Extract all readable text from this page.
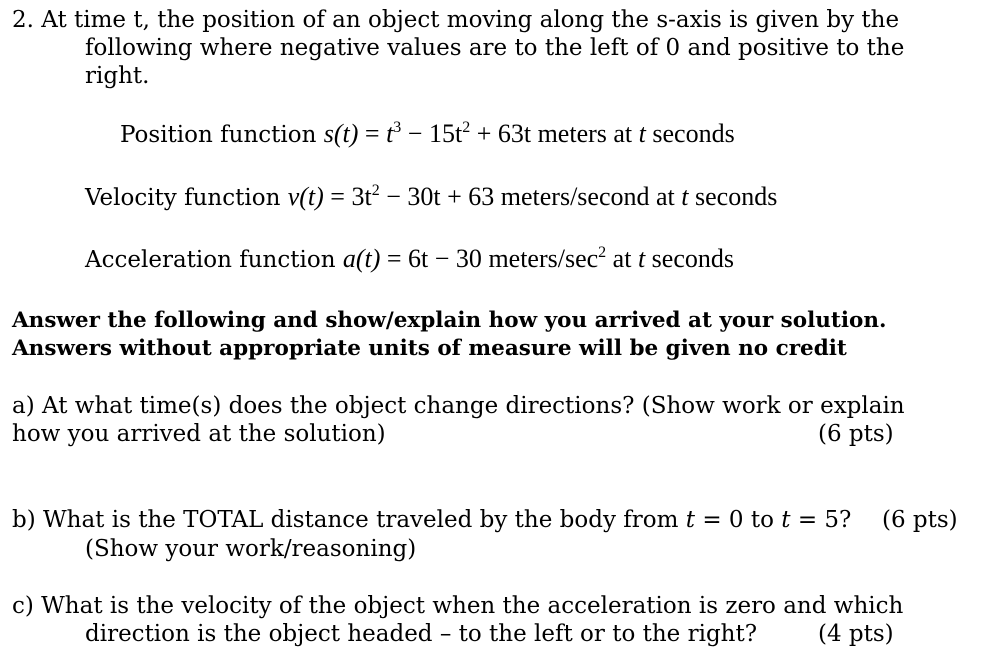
2. At time t, the position of an object moving along the s-axis is given by the
following where negative values are to the left of 0 and positive to the
right.
Position function $s(t) = t^3 - 15t^2 + 63t$ meters at t seconds
Velocity function $v(t) = 3t^2 - 30t + 63$ meters/second at t seconds
Acceleration function a(t) = 6t − 30 meters/$\sec^2$ at t seconds
Answer the following and show/explain how you arrived at your solution.
Answers without appropriate units of measure will be given no credit
a) At what time(s) does the object change directions? (Show work or explain
how you arrived at the solution)	(6 pts)
b) What is the TOTAL distance traveled by the body from t = 0 to t = 5? (6 pts)
(Show your work/reasoning)
c) What is the velocity of the object when the acceleration is zero and which
direction is the object headed – to the left or to the right?	(4 pts)
